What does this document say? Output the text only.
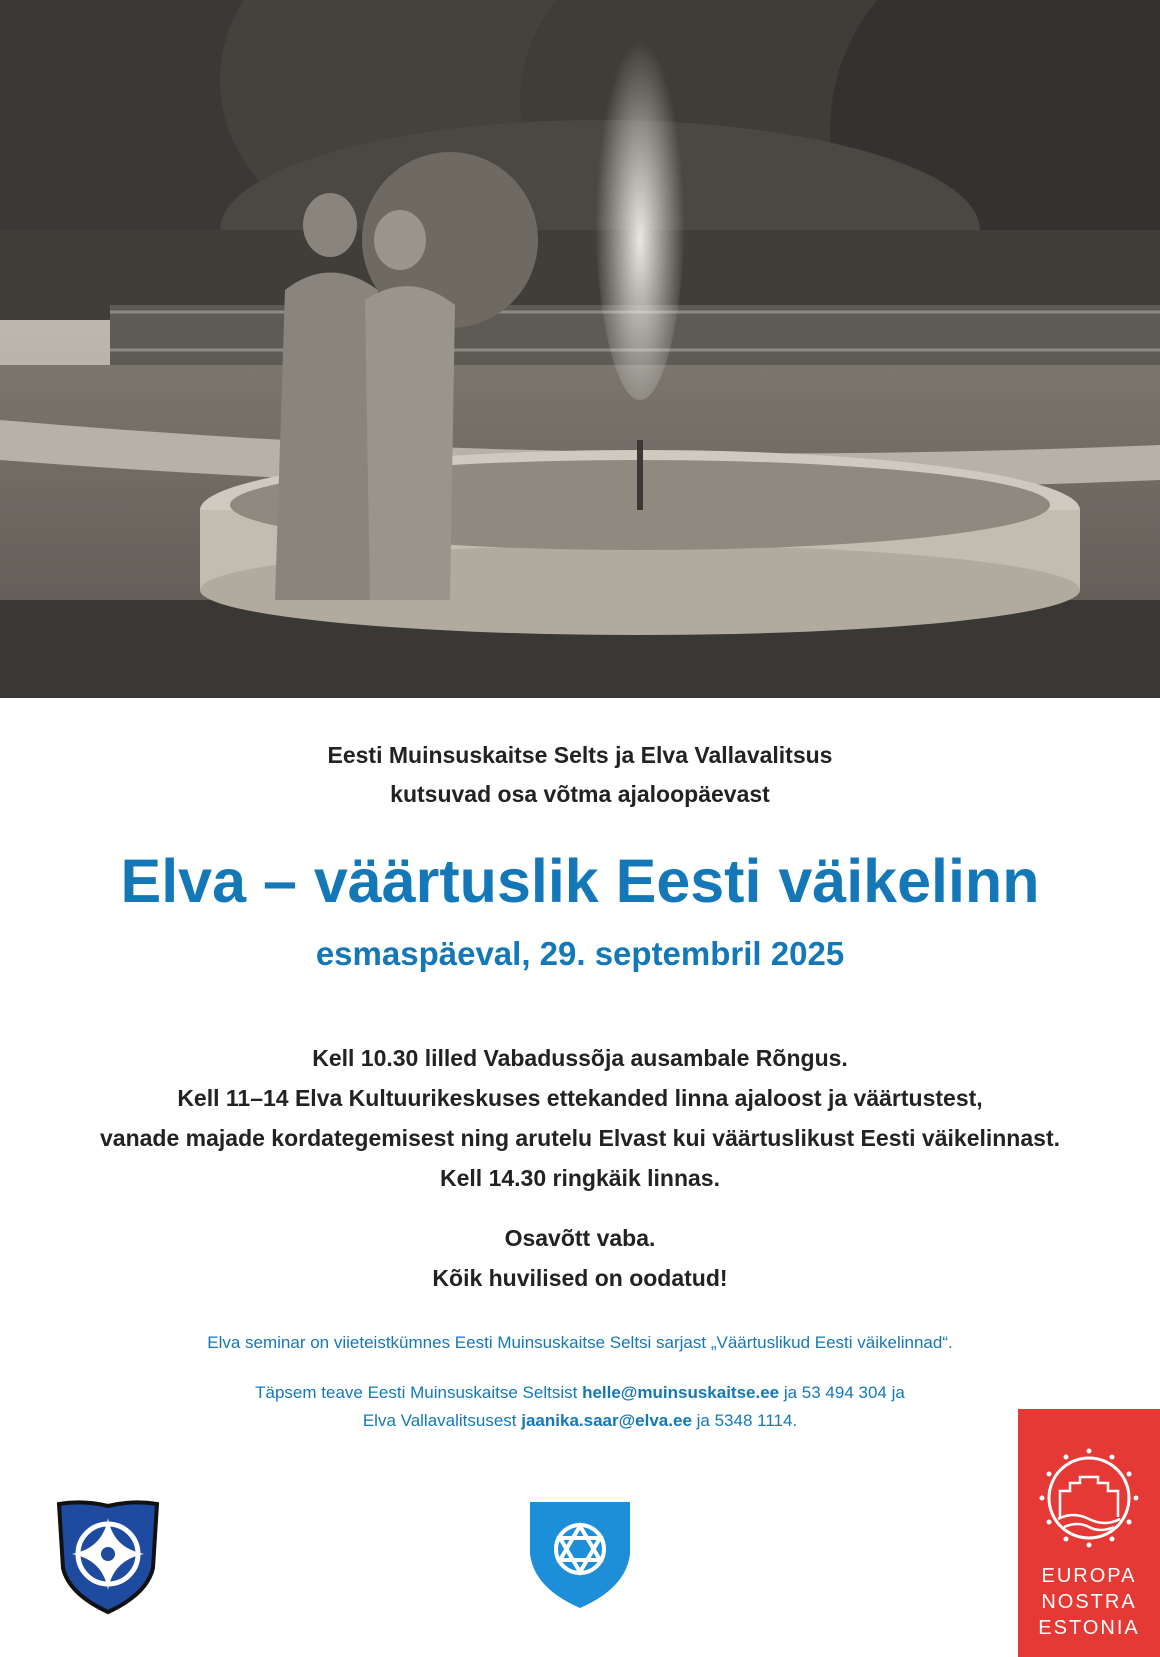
Eesti Muinsuskaitse Selts ja Elva Vallavalitsus
kutsuvad osa võtma ajaloopäevast
Elva – väärtuslik Eesti väikelinn
esmaspäeval, 29. septembril 2025
Kell 10.30 lilled Vabadussõja ausambale Rõngus.
Kell 11–14 Elva Kultuurikeskuses ettekanded linna ajaloost ja väärtustest,
vanade majade kordategemisest ning arutelu Elvast kui väärtuslikust Eesti väikelinnast.
Kell 14.30 ringkäik linnas.
Osavõtt vaba.
Kõik huvilised on oodatud!
Elva seminar on viieteistkümnes Eesti Muinsuskaitse Seltsi sarjast „Väärtuslikud Eesti väikelinnad“.
Täpsem teave Eesti Muinsuskaitse Seltsist helle@muinsuskaitse.ee ja 53 494 304 ja
Elva Vallavalitsusest jaanika.saar@elva.ee ja 5348 1114.
EUROPA
NOSTRA
ESTONIA
